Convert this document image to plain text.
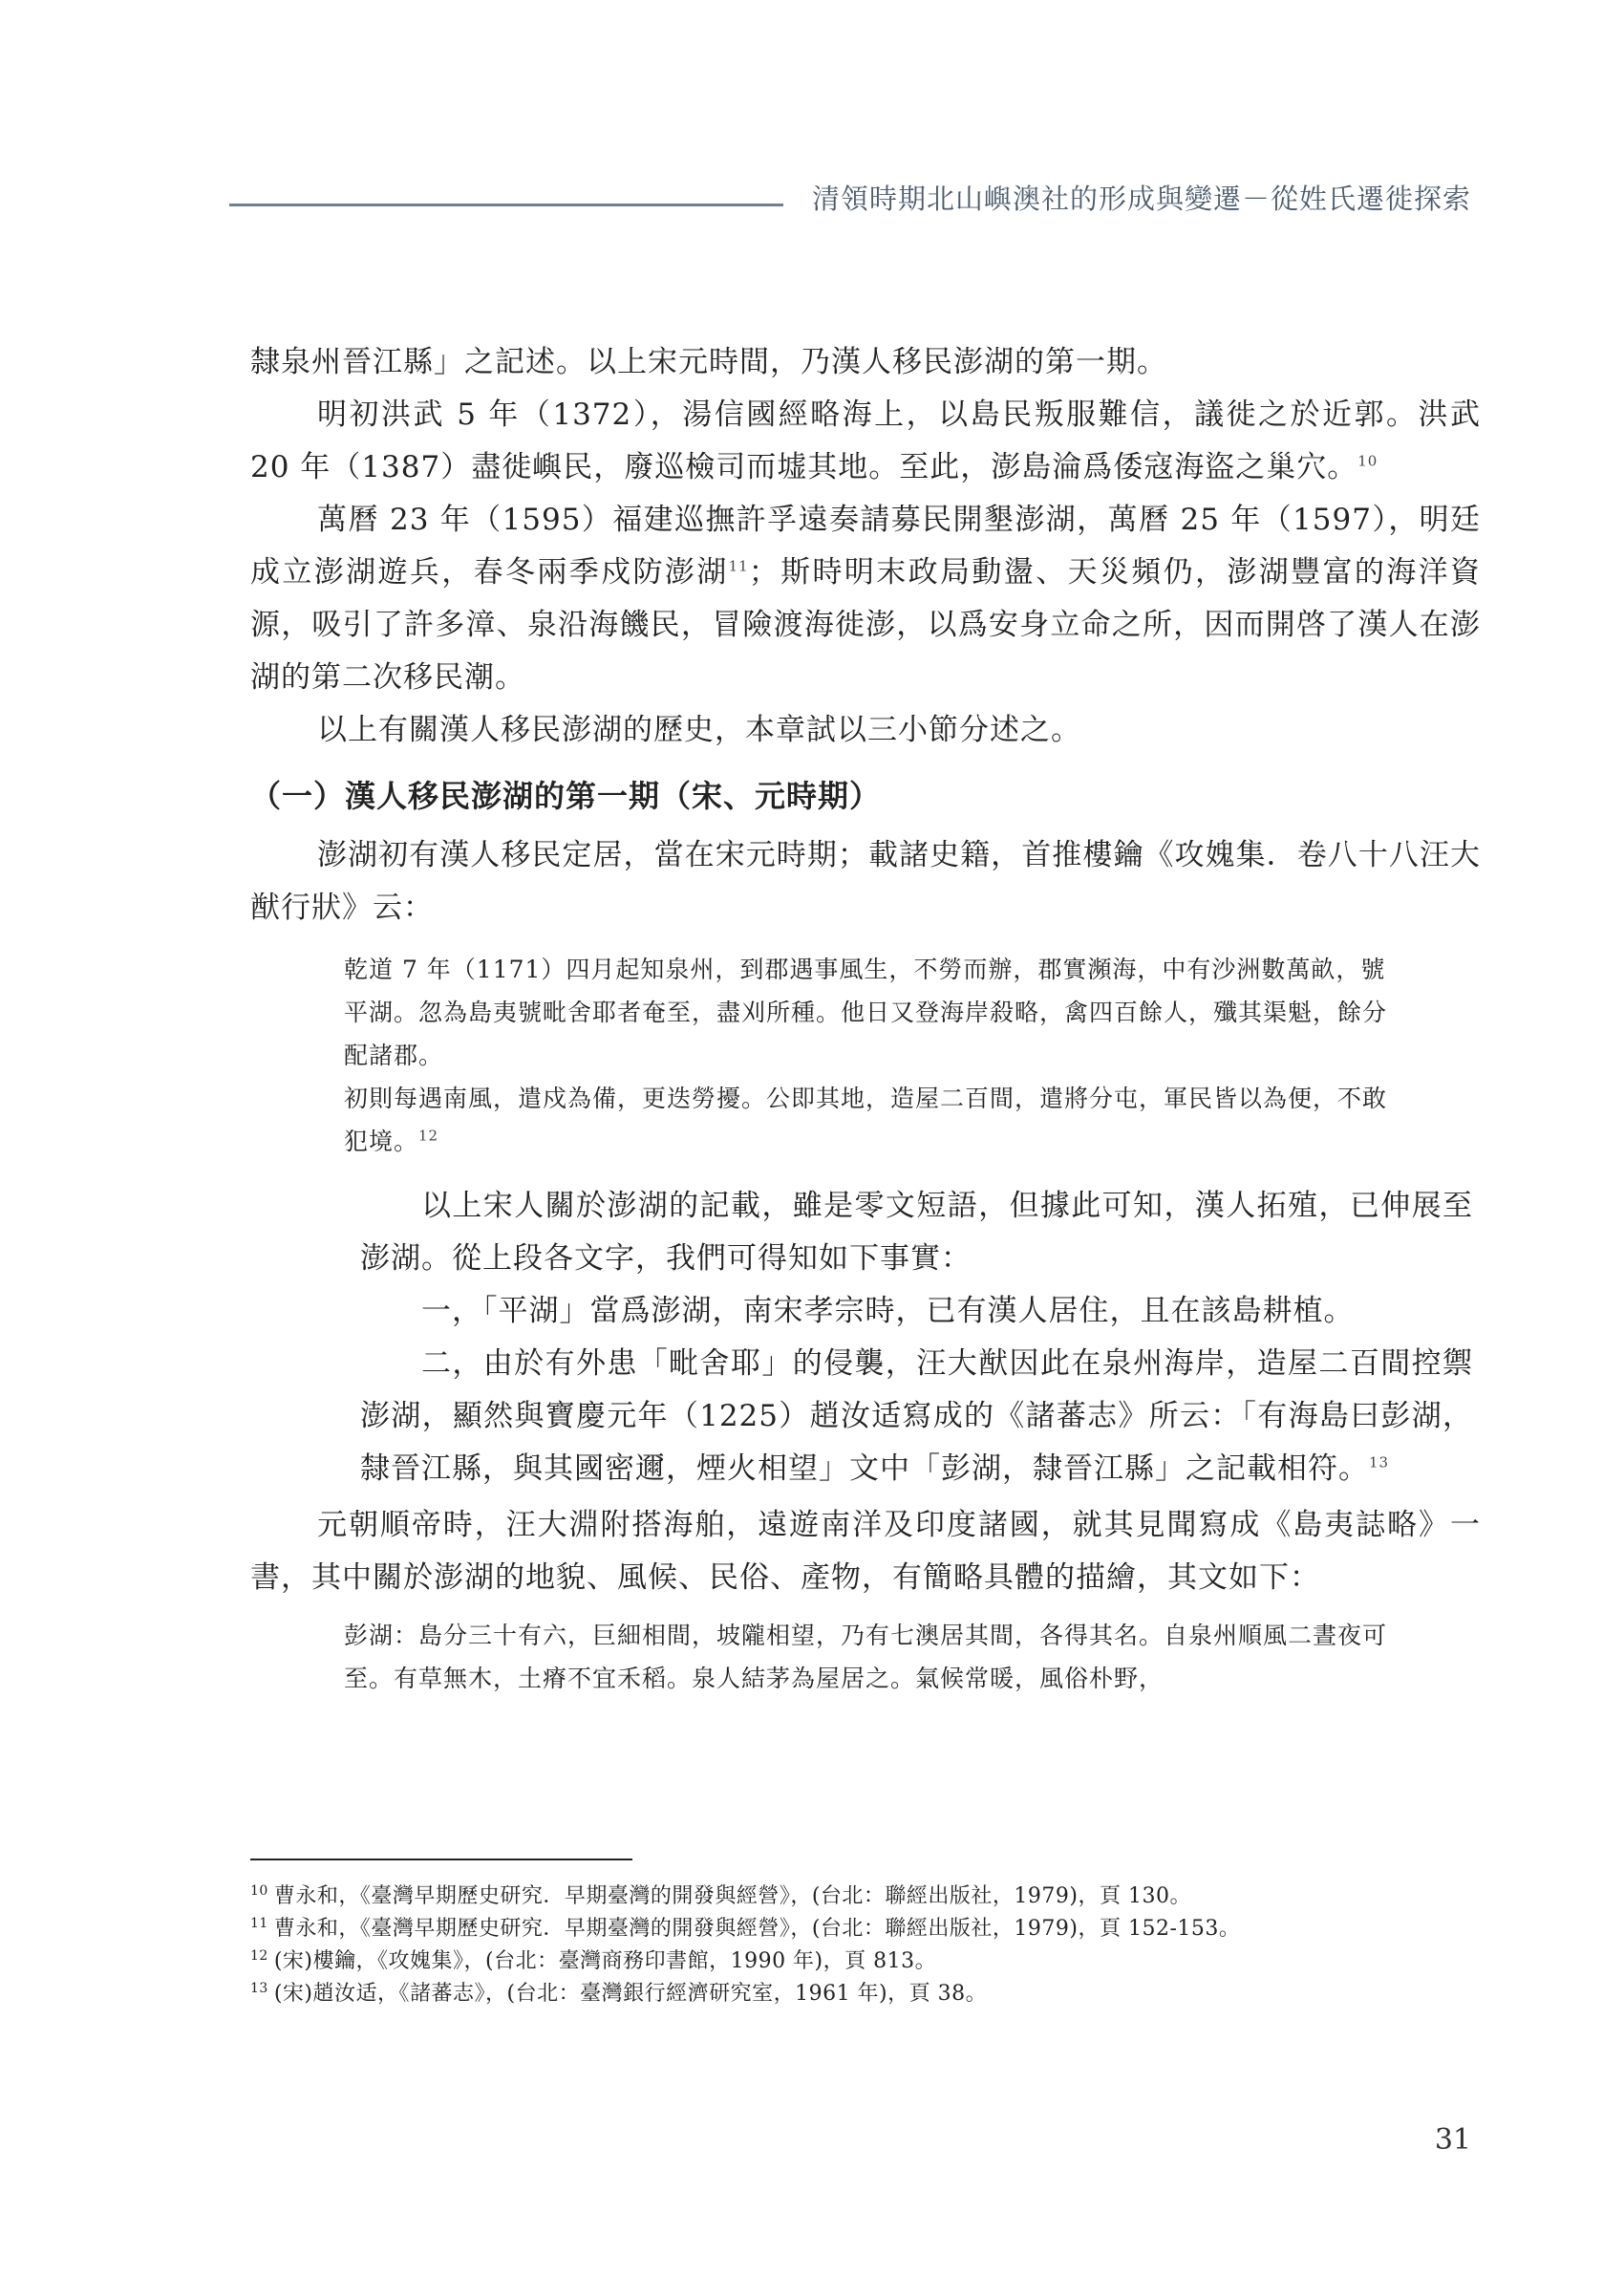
清領時期北山嶼澳社的形成與變遷－從姓氏遷徙探索

隸泉州晉江縣」之記述。以上宋元時間，乃漢人移民澎湖的第一期。

明初洪武 5 年（1372），湯信國經略海上，以島民叛服難信，議徙之於近郭。洪武 20 年（1387）盡徙嶼民，廢巡檢司而墟其地。至此，澎島淪爲倭寇海盜之巢穴。$^{10}$

萬曆 23 年（1595）福建巡撫許孚遠奏請募民開墾澎湖，萬曆 25 年（1597），明廷成立澎湖遊兵，春冬兩季戍防澎湖$^{11}$；斯時明末政局動盪、天災頻仍，澎湖豐富的海洋資源，吸引了許多漳、泉沿海饑民，冒險渡海徙澎，以爲安身立命之所，因而開啓了漢人在澎湖的第二次移民潮。

以上有關漢人移民澎湖的歷史，本章試以三小節分述之。

（一）漢人移民澎湖的第一期（宋、元時期）

澎湖初有漢人移民定居，當在宋元時期；載諸史籍，首推樓鑰《攻媿集．卷八十八汪大猷行狀》云：

乾道 7 年（1171）四月起知泉州，到郡遇事風生，不勞而辦，郡實瀕海，中有沙洲數萬畝，號平湖。忽為島夷號毗舍耶者奄至，盡刈所種。他日又登海岸殺略，禽四百餘人，殲其渠魁，餘分配諸郡。

初則每遇南風，遣戍為備，更迭勞擾。公即其地，造屋二百間，遣將分屯，軍民皆以為便，不敢犯境。$^{12}$

以上宋人關於澎湖的記載，雖是零文短語，但據此可知，漢人拓殖，已伸展至澎湖。從上段各文字，我們可得知如下事實：

一，「平湖」當爲澎湖，南宋孝宗時，已有漢人居住，且在該島耕植。

二，由於有外患「毗舍耶」的侵襲，汪大猷因此在泉州海岸，造屋二百間控禦澎湖，顯然與寶慶元年（1225）趙汝适寫成的《諸蕃志》所云：「有海島曰彭湖，隸晉江縣，與其國密邇，煙火相望」文中「彭湖，隸晉江縣」之記載相符。$^{13}$

元朝順帝時，汪大淵附搭海舶，遠遊南洋及印度諸國，就其見聞寫成《島夷誌略》一書，其中關於澎湖的地貌、風候、民俗、產物，有簡略具體的描繪，其文如下：

彭湖：島分三十有六，巨細相間，坡隴相望，乃有七澳居其間，各得其名。自泉州順風二晝夜可至。有草無木，土瘠不宜禾稻。泉人結茅為屋居之。氣候常暖，風俗朴野，

$^{10}$ 曹永和，《臺灣早期歷史研究．早期臺灣的開發與經營》，(台北：聯經出版社，1979)，頁 130。

$^{11}$ 曹永和，《臺灣早期歷史研究．早期臺灣的開發與經營》，(台北：聯經出版社，1979)，頁 152-153。

$^{12}$ (宋)樓鑰，《攻媿集》，(台北：臺灣商務印書館，1990 年)，頁 813。

$^{13}$ (宋)趙汝适，《諸蕃志》，(台北：臺灣銀行經濟研究室，1961 年)，頁 38。

31
